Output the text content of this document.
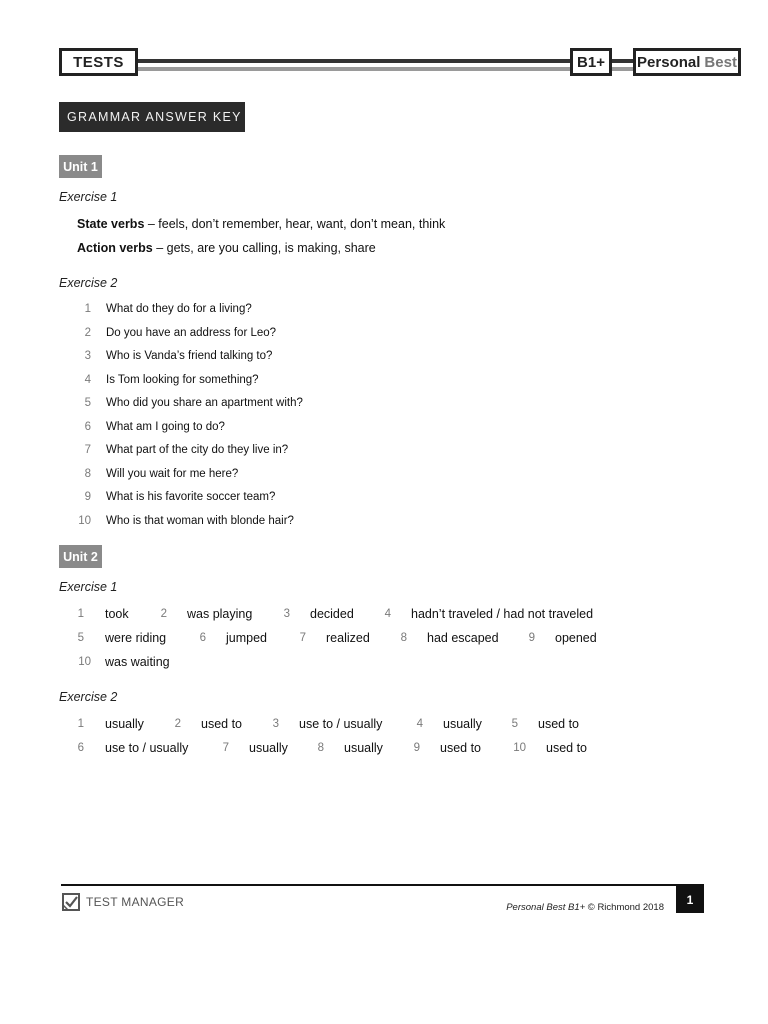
TESTS	B1+ Personal Best
GRAMMAR ANSWER KEY
Unit 1
Exercise 1
State verbs – feels, don’t remember, hear, want, don’t mean, think
Action verbs – gets, are you calling, is making, share
Exercise 2
1 What do they do for a living?
2 Do you have an address for Leo?
3 Who is Vanda’s friend talking to?
4 Is Tom looking for something?
5 Who did you share an apartment with?
6 What am I going to do?
7 What part of the city do they live in?
8 Will you wait for me here?
9 What is his favorite soccer team?
10 Who is that woman with blonde hair?
Unit 2
Exercise 1
1 took	2 was playing	3 decided	4 hadn’t traveled / had not traveled
5 were riding	6 jumped	7 realized	8 had escaped	9 opened
10 was waiting
Exercise 2
1 usually	2 used to	3 use to / usually	4 usually	5 used to
6 use to / usually	7 usually	8 usually	9 used to	10 used to
TEST MANAGER	Personal Best B1+ © Richmond 2018
1
